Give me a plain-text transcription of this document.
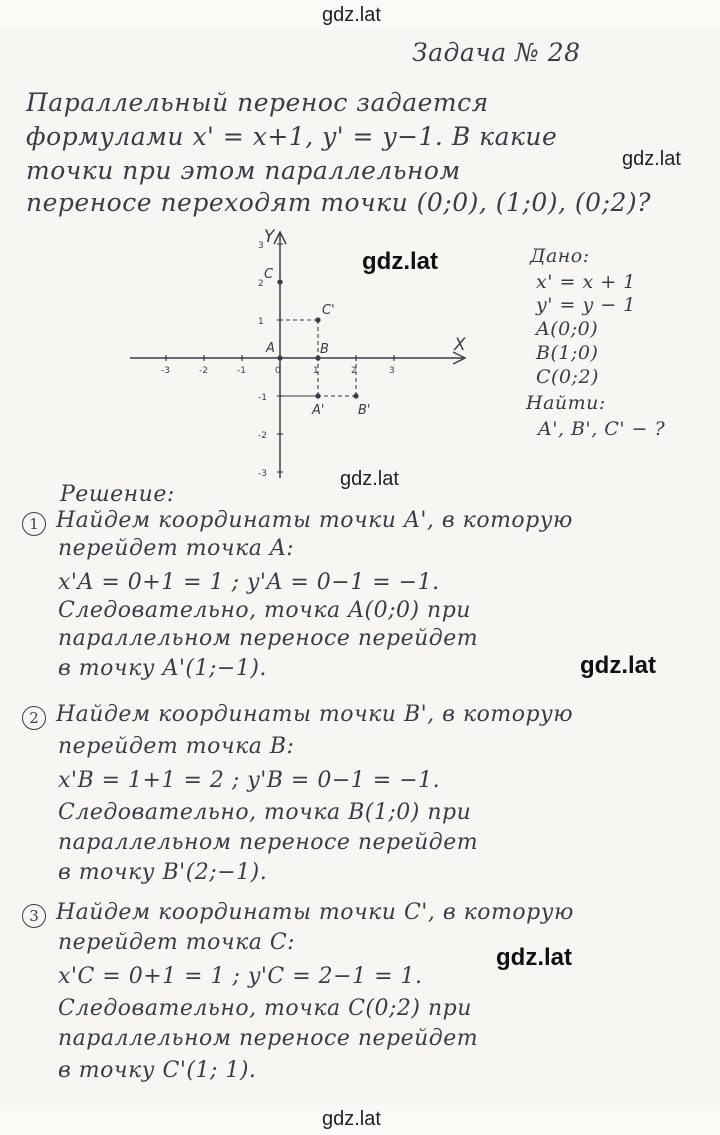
gdz.lat
Задача № 28
Параллельный перенос задается
формулами x' = x+1, y' = y−1. В какие
точки при этом параллельном
переносе переходят точки (0;0), (1;0), (0;2)?
gdz.lat
-3	-2	-1	0	1	2	3
3
2
1
-1
-2
-3
A	B
C
A'	B'
C'
X
Y
gdz.lat	Дано:
x' = x + 1
y' = y − 1
A(0;0)
B(1;0)
C(0;2)
Найти:
A', B', C' − ?
gdz.lat
Решение:
1 Найдем координаты точки A', в которую
перейдет точка A:
x'A = 0+1 = 1 ; y'A = 0−1 = −1.
Следовательно, точка A(0;0) при
параллельном переносе перейдет
в точку A'(1;−1).	gdz.lat
2 Найдем координаты точки B', в которую
перейдет точка B:
x'B = 1+1 = 2 ; y'B = 0−1 = −1.
Следовательно, точка B(1;0) при
параллельном переносе перейдет
в точку B'(2;−1).
3 Найдем координаты точки C', в которую
перейдет точка C:
x'C = 0+1 = 1 ; y'C = 2−1 = 1.
gdz.lat
Следовательно, точка C(0;2) при
параллельном переносе перейдет
в точку C'(1; 1).
gdz.lat
